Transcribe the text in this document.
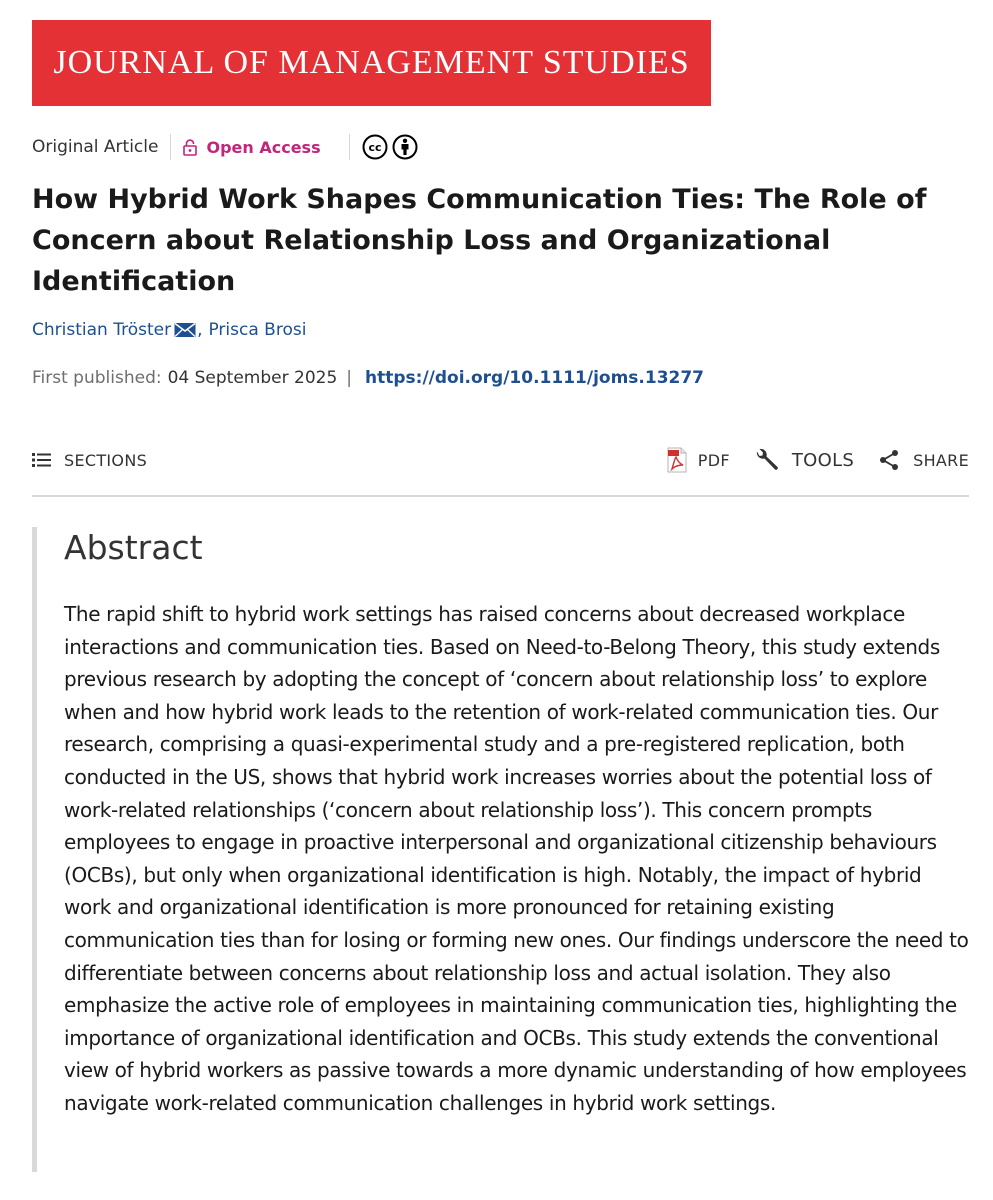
JOURNAL OF MANAGEMENT STUDIES
Original Article	Open Access	cc
How Hybrid Work Shapes Communication Ties: The Role of Concern about Relationship Loss and Organizational Identification
Christian Tröster , Prisca Brosi
First published: 04 September 2025 | https://doi.org/10.1111/joms.13277
SECTIONS	PDF	TOOLS	SHARE
Abstract

The rapid shift to hybrid work settings has raised concerns about decreased workplace interactions and communication ties. Based on Need-to-Belong Theory, this study extends previous research by adopting the concept of ‘concern about relationship loss’ to explore when and how hybrid work leads to the retention of work-related communication ties. Our research, comprising a quasi-experimental study and a pre-registered replication, both conducted in the US, shows that hybrid work increases worries about the potential loss of work-related relationships (‘concern about relationship loss’). This concern prompts employees to engage in proactive interpersonal and organizational citizenship behaviours (OCBs), but only when organizational identification is high. Notably, the impact of hybrid work and organizational identification is more pronounced for retaining existing communication ties than for losing or forming new ones. Our findings underscore the need to differentiate between concerns about relationship loss and actual isolation. They also emphasize the active role of employees in maintaining communication ties, highlighting the importance of organizational identification and OCBs. This study extends the conventional view of hybrid workers as passive towards a more dynamic understanding of how employees navigate work-related communication challenges in hybrid work settings.
